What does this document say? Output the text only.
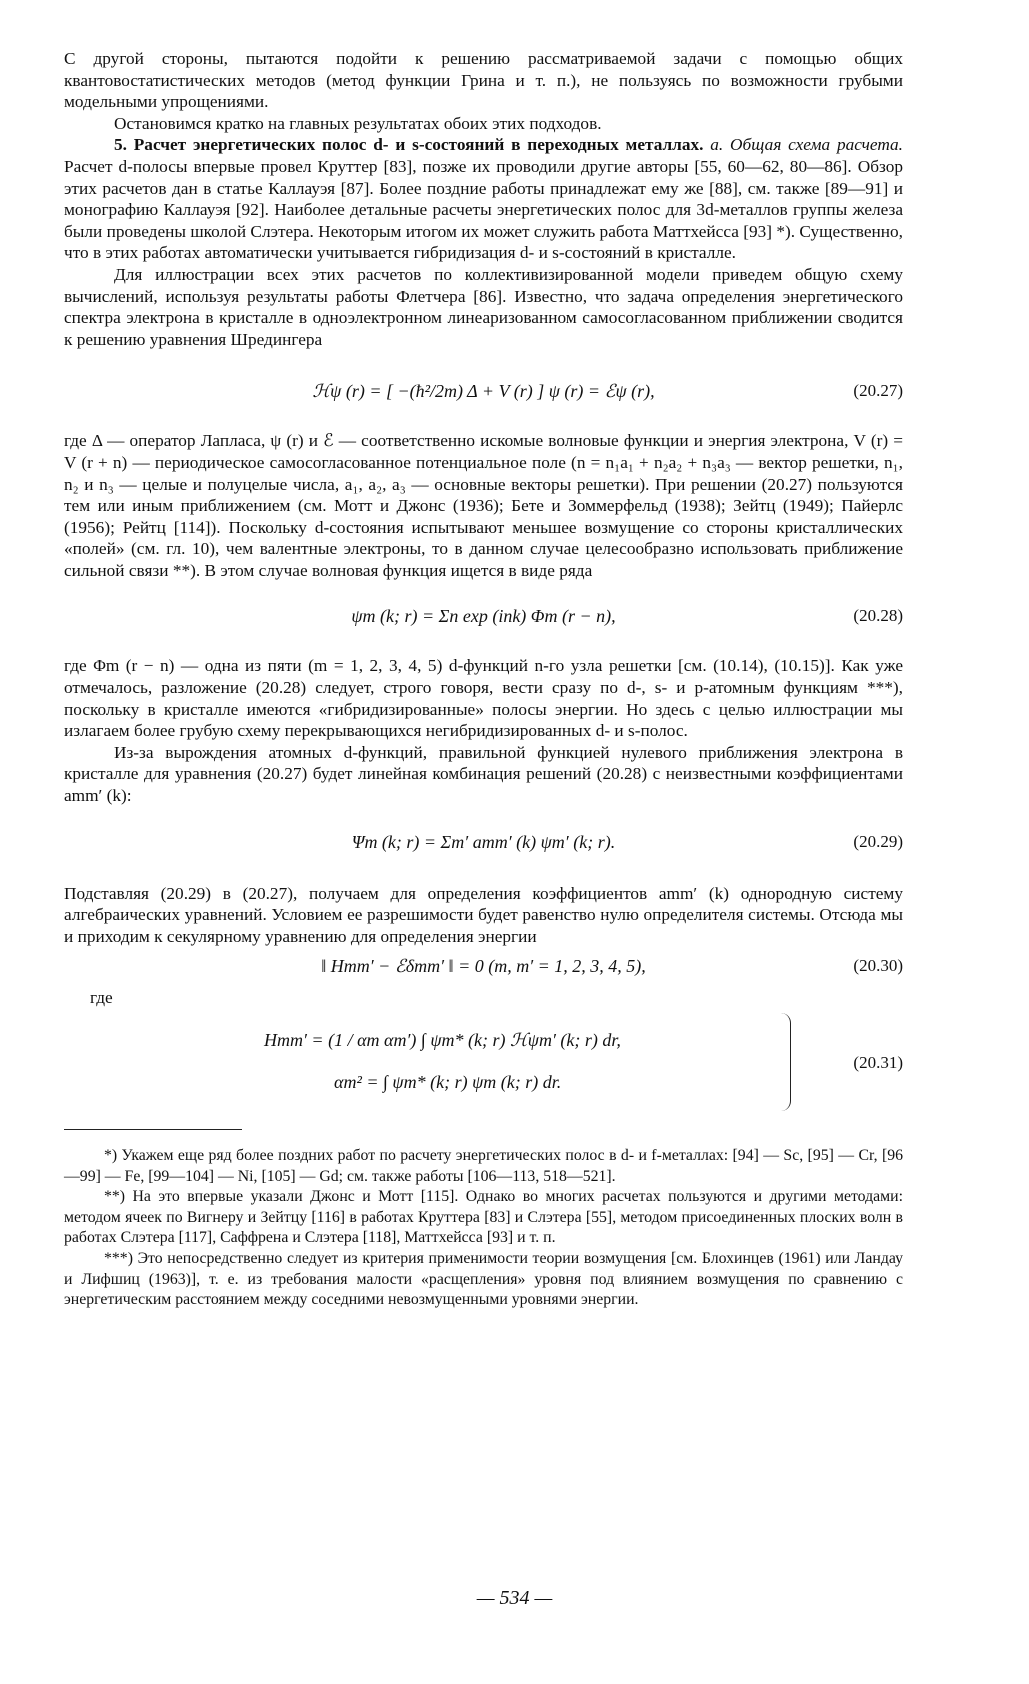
С другой стороны, пытаются подойти к решению рассматриваемой задачи с помощью общих квантовостатистических методов (метод функции Грина и т. п.), не пользуясь по возможности грубыми модельными упрощениями.

Остановимся кратко на главных результатах обоих этих подходов.

5. Расчет энергетических полос d- и s-состояний в переходных металлах. а. Общая схема расчета. Расчет d-полосы впервые провел Круттер [83], позже их проводили другие авторы [55, 60—62, 80—86]. Обзор этих расчетов дан в статье Каллауэя [87]. Более поздние работы принадлежат ему же [88], см. также [89—91] и монографию Каллауэя [92]. Наиболее детальные расчеты энергетических полос для 3d-металлов группы железа были проведены школой Слэтера. Некоторым итогом их может служить работа Маттхейсса [93] *). Существенно, что в этих работах автоматически учитывается гибридизация d- и s-состояний в кристалле.

Для иллюстрации всех этих расчетов по коллективизированной модели приведем общую схему вычислений, используя результаты работы Флетчера [86]. Известно, что задача определения энергетического спектра электрона в кристалле в одноэлектронном линеаризованном самосогласованном приближении сводится к решению уравнения Шредингера

ℋψ (r) = [ −(ħ²/2m) Δ + V (r) ] ψ (r) = ℰψ (r),	(20.27)

где Δ — оператор Лапласа, ψ (r) и ℰ — соответственно искомые волновые функции и энергия электрона, V (r) = V (r + n) — периодическое самосогласованное потенциальное поле (n = n₁a₁ + n₂a₂ + n₃a₃ — вектор решетки, n₁, n₂ и n₃ — целые и полуцелые числа, a₁, a₂, a₃ — основные векторы решетки). При решении (20.27) пользуются тем или иным приближением (см. Мотт и Джонс (1936); Бете и Зоммерфельд (1938); Зейтц (1949); Пайерлс (1956); Рейтц [114]). Поскольку d-состояния испытывают меньшее возмущение со стороны кристаллических «полей» (см. гл. 10), чем валентные электроны, то в данном случае целесообразно использовать приближение сильной связи **). В этом случае волновая функция ищется в виде ряда

ψm (k; r) = Σn exp (ink) Φm (r − n),	(20.28)

где Φm (r − n) — одна из пяти (m = 1, 2, 3, 4, 5) d-функций n-го узла решетки [см. (10.14), (10.15)]. Как уже отмечалось, разложение (20.28) следует, строго говоря, вести сразу по d-, s- и p-атомным функциям ***), поскольку в кристалле имеются «гибридизированные» полосы энергии. Но здесь с целью иллюстрации мы излагаем более грубую схему перекрывающихся негибридизированных d- и s-полос.

Из-за вырождения атомных d-функций, правильной функцией нулевого приближения электрона в кристалле для уравнения (20.27) будет линейная комбинация решений (20.28) с неизвестными коэффициентами amm′ (k):

Ψm (k; r) = Σm′ amm′ (k) ψm′ (k; r).	(20.29)

Подставляя (20.29) в (20.27), получаем для определения коэффициентов amm′ (k) однородную систему алгебраических уравнений. Условием ее разрешимости будет равенство нулю определителя системы. Отсюда мы и приходим к секулярному уравнению для определения энергии

‖ Hmm′ − ℰδmm′ ‖ = 0 (m, m′ = 1, 2, 3, 4, 5),	(20.30)

где

Hmm′ = (1 / αm αm′) ∫ ψm* (k; r) ℋψm′ (k; r) dr,
αm² = ∫ ψm* (k; r) ψm (k; r) dr.
(20.31)

*) Укажем еще ряд более поздних работ по расчету энергетических полос в d- и f-металлах: [94] — Sc, [95] — Cr, [96—99] — Fe, [99—104] — Ni, [105] — Gd; см. также работы [106—113, 518—521].

**) На это впервые указали Джонс и Мотт [115]. Однако во многих расчетах пользуются и другими методами: методом ячеек по Вигнеру и Зейтцу [116] в работах Круттера [83] и Слэтера [55], методом присоединенных плоских волн в работах Слэтера [117], Саффрена и Слэтера [118], Маттхейсса [93] и т. п.

***) Это непосредственно следует из критерия применимости теории возмущения [см. Блохинцев (1961) или Ландау и Лифшиц (1963)], т. е. из требования малости «расщепления» уровня под влиянием возмущения по сравнению с энергетическим расстоянием между соседними невозмущенными уровнями энергии.

— 534 —
